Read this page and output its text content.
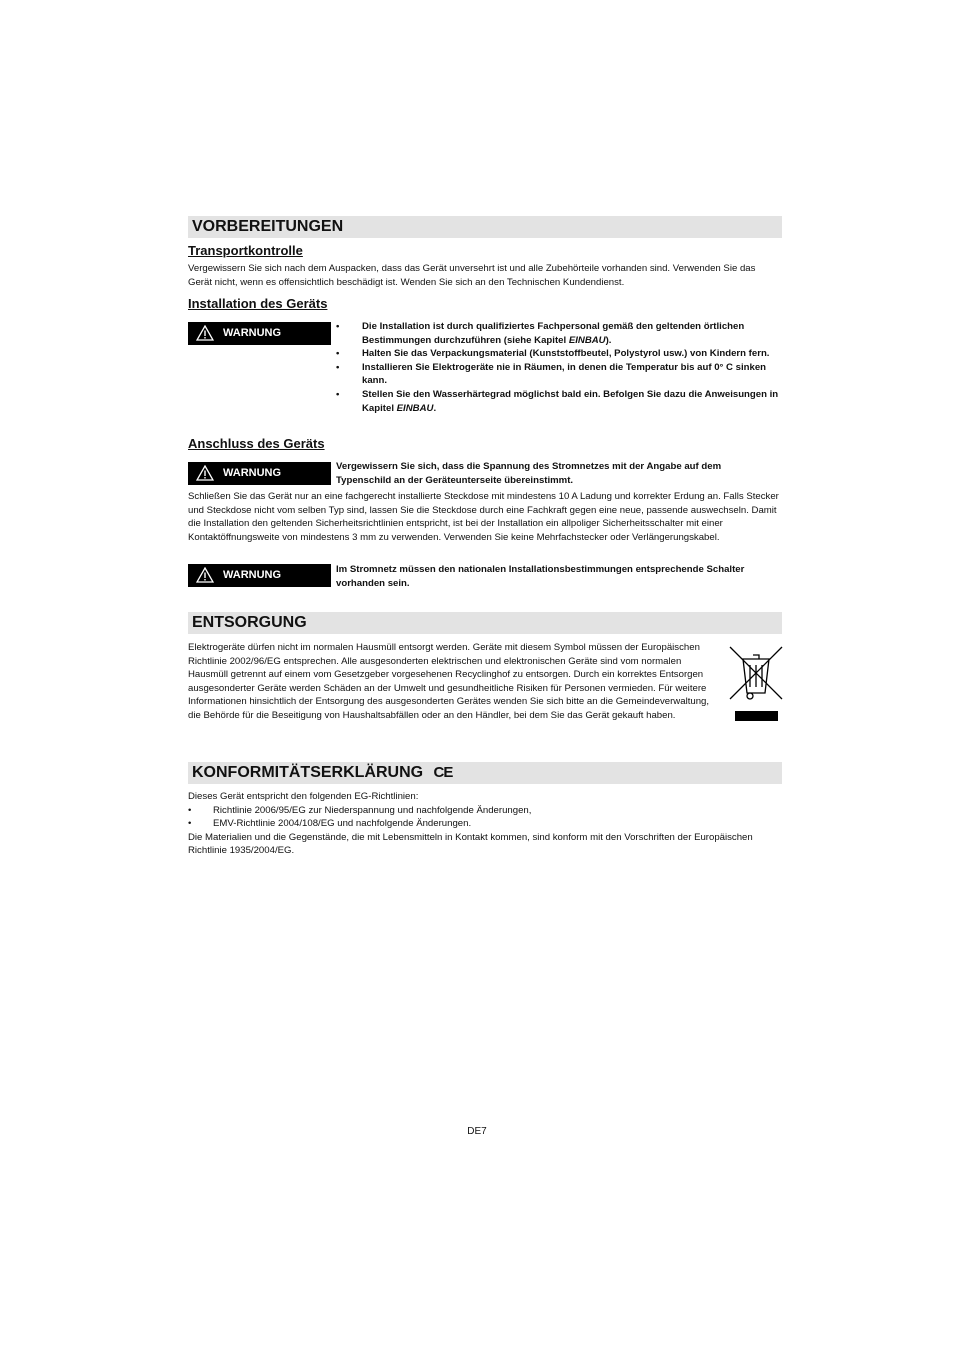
VORBEREITUNGEN
Transportkontrolle
Vergewissern Sie sich nach dem Auspacken, dass das Gerät unversehrt ist und alle Zubehörteile vorhanden sind. Verwenden Sie das Gerät nicht, wenn es offensichtlich beschädigt ist. Wenden Sie sich an den Technischen Kundendienst.
Installation des Geräts
WARNUNG
• Die Installation ist durch qualifiziertes Fachpersonal gemäß den geltenden örtlichen Bestimmungen durchzuführen (siehe Kapitel EINBAU).
• Halten Sie das Verpackungsmaterial (Kunststoffbeutel, Polystyrol usw.) von Kindern fern.
• Installieren Sie Elektrogeräte nie in Räumen, in denen die Temperatur bis auf 0° C sinken kann.
• Stellen Sie den Wasserhärtegrad möglichst bald ein. Befolgen Sie dazu die Anweisungen in Kapitel EINBAU.
Anschluss des Geräts
WARNUNG
Vergewissern Sie sich, dass die Spannung des Stromnetzes mit der Angabe auf dem Typenschild an der Geräteunterseite übereinstimmt.
Schließen Sie das Gerät nur an eine fachgerecht installierte Steckdose mit mindestens 10 A Ladung und korrekter Erdung an. Falls Stecker und Steckdose nicht vom selben Typ sind, lassen Sie die Steckdose durch eine Fachkraft gegen eine neue, passende auswechseln. Damit die Installation den geltenden Sicherheitsrichtlinien entspricht, ist bei der Installation ein allpoliger Sicherheitsschalter mit einer Kontaktöffnungsweite von mindestens 3 mm zu verwenden. Verwenden Sie keine Mehrfachstecker oder Verlängerungskabel.
WARNUNG	Im Stromnetz müssen den nationalen Installationsbestimmungen entsprechende Schalter vorhanden sein.
ENTSORGUNG
Elektrogeräte dürfen nicht im normalen Hausmüll entsorgt werden. Geräte mit diesem Symbol müssen der Europäischen Richtlinie 2002/96/EG entsprechen. Alle ausgesonderten elektrischen und elektronischen Geräte sind vom normalen Hausmüll getrennt auf einem vom Gesetzgeber vorgesehenen Recyclinghof zu entsorgen. Durch ein korrektes Entsorgen ausgesonderter Geräte werden Schäden an der Umwelt und gesundheitliche Risiken für Personen vermieden. Für weitere Informationen hinsichtlich der Entsorgung des ausgesonderten Gerätes wenden Sie sich bitte an die Gemeindeverwaltung, die Behörde für die Beseitigung von Haushaltsabfällen oder an den Händler, bei dem Sie das Gerät gekauft haben.
KONFORMITÄTSERKLÄRUNG CE
Dieses Gerät entspricht den folgenden EG-Richtlinien:
• Richtlinie 2006/95/EG zur Niederspannung und nachfolgende Änderungen,
• EMV-Richtlinie 2004/108/EG und nachfolgende Änderungen.
Die Materialien und die Gegenstände, die mit Lebensmitteln in Kontakt kommen, sind konform mit den Vorschriften der Europäischen Richtlinie 1935/2004/EG.
DE7
